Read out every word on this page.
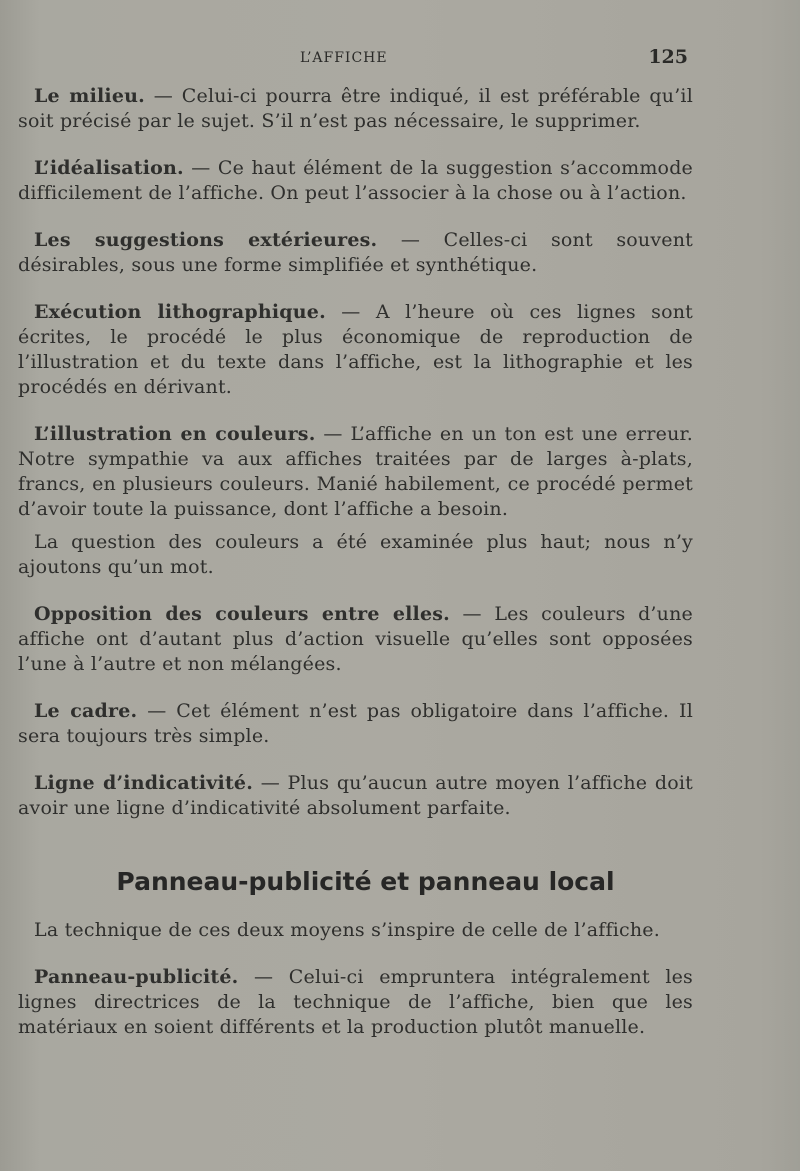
L’AFFICHE	125

Le milieu. — Celui-ci pourra être indiqué, il est préférable qu’il soit précisé par le sujet. S’il n’est pas nécessaire, le supprimer.

L’idéalisation. — Ce haut élément de la suggestion s’accommode difficilement de l’affiche. On peut l’associer à la chose ou à l’action.

Les suggestions extérieures. — Celles-ci sont souvent désirables, sous une forme simplifiée et synthétique.

Exécution lithographique. — A l’heure où ces lignes sont écrites, le procédé le plus économique de reproduction de l’illustration et du texte dans l’affiche, est la lithographie et les procédés en dérivant.

L’illustration en couleurs. — L’affiche en un ton est une erreur. Notre sympathie va aux affiches traitées par de larges à-plats, francs, en plusieurs couleurs. Manié habilement, ce procédé permet d’avoir toute la puissance, dont l’affiche a besoin.

La question des couleurs a été examinée plus haut; nous n’y ajoutons qu’un mot.

Opposition des couleurs entre elles. — Les couleurs d’une affiche ont d’autant plus d’action visuelle qu’elles sont opposées l’une à l’autre et non mélangées.

Le cadre. — Cet élément n’est pas obligatoire dans l’affiche. Il sera toujours très simple.

Ligne d’indicativité. — Plus qu’aucun autre moyen l’affiche doit avoir une ligne d’indicativité absolument parfaite.

Panneau-publicité et panneau local

La technique de ces deux moyens s’inspire de celle de l’affiche.

Panneau-publicité. — Celui-ci empruntera intégralement les lignes directrices de la technique de l’affiche, bien que les matériaux en soient différents et la production plutôt manuelle.
